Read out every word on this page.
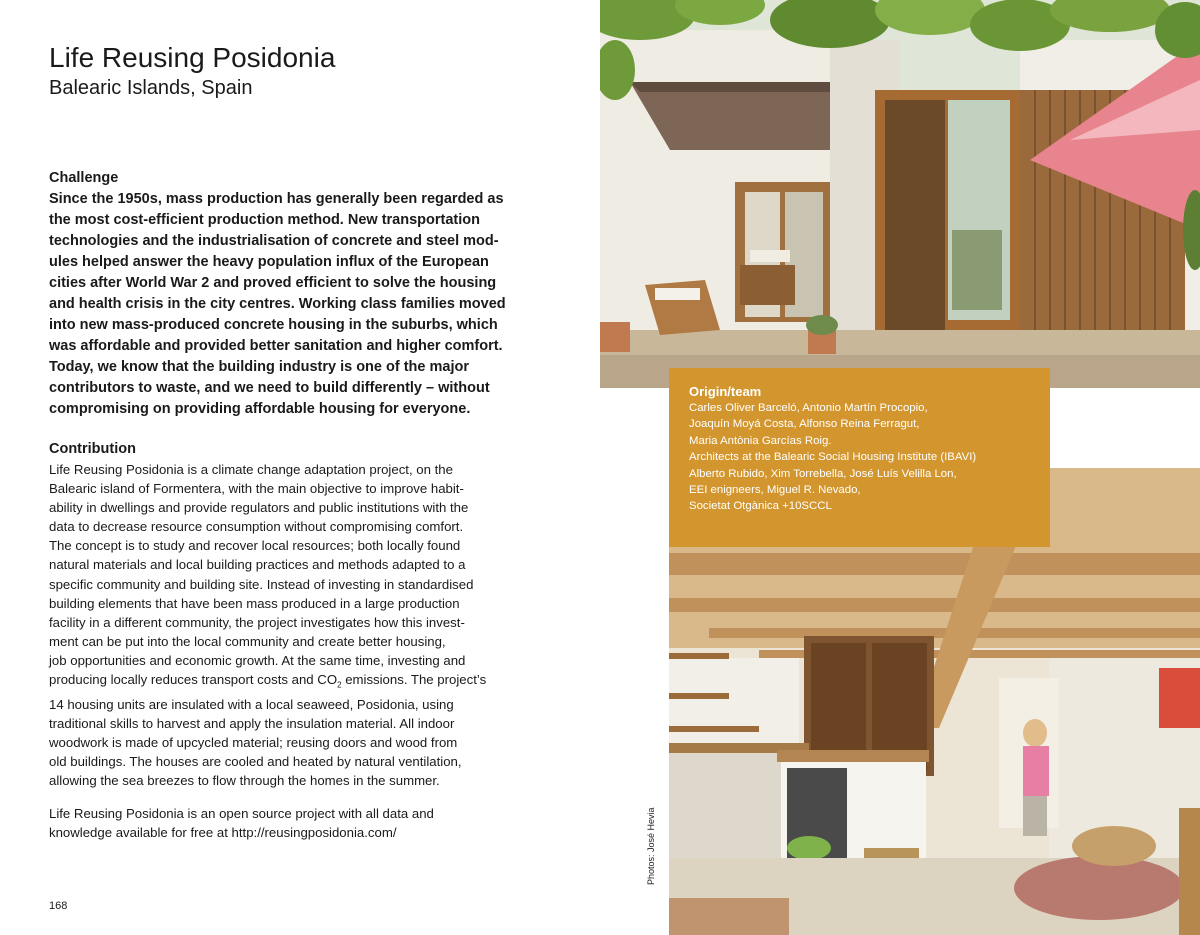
Life Reusing Posidonia
Balearic Islands, Spain
Challenge
Since the 1950s, mass production has generally been regarded as
the most cost-efficient production method. New transportation
technologies and the industrialisation of concrete and steel mod-
ules helped answer the heavy population influx of the European
cities after World War 2 and proved efficient to solve the housing
and health crisis in the city centres. Working class families moved
into new mass-produced concrete housing in the suburbs, which
was affordable and provided better sanitation and higher comfort.
Today, we know that the building industry is one of the major
contributors to waste, and we need to build differently – without
compromising on providing affordable housing for everyone.
Contribution
Life Reusing Posidonia is a climate change adaptation project, on the
Balearic island of Formentera, with the main objective to improve habit-
ability in dwellings and provide regulators and public institutions with the
data to decrease resource consumption without compromising comfort.
The concept is to study and recover local resources; both locally found
natural materials and local building practices and methods adapted to a
specific community and building site. Instead of investing in standardised
building elements that have been mass produced in a large production
facility in a different community, the project investigates how this invest-
ment can be put into the local community and create better housing,
job opportunities and economic growth. At the same time, investing and
producing locally reduces transport costs and $CO_2$ emissions. The project’s
14 housing units are insulated with a local seaweed, Posidonia, using
traditional skills to harvest and apply the insulation material. All indoor
woodwork is made of upcycled material; reusing doors and wood from
old buildings. The houses are cooled and heated by natural ventilation,
allowing the sea breezes to flow through the homes in the summer.
Life Reusing Posidonia is an open source project with all data and
knowledge available for free at http://reusingposidonia.com/
168
Photos: José Hevia
Origin/team
Carles Oliver Barceló, Antonio Martín Procopio,
Joaquín Moyá Costa, Alfonso Reina Ferragut,
Maria Antònia Garcías Roig.
Architects at the Balearic Social Housing Institute (IBAVI)
Alberto Rubido, Xim Torrebella, José Luís Velilla Lon,
EEI enigneers, Miguel R. Nevado,
Societat Otgànica +10SCCL
